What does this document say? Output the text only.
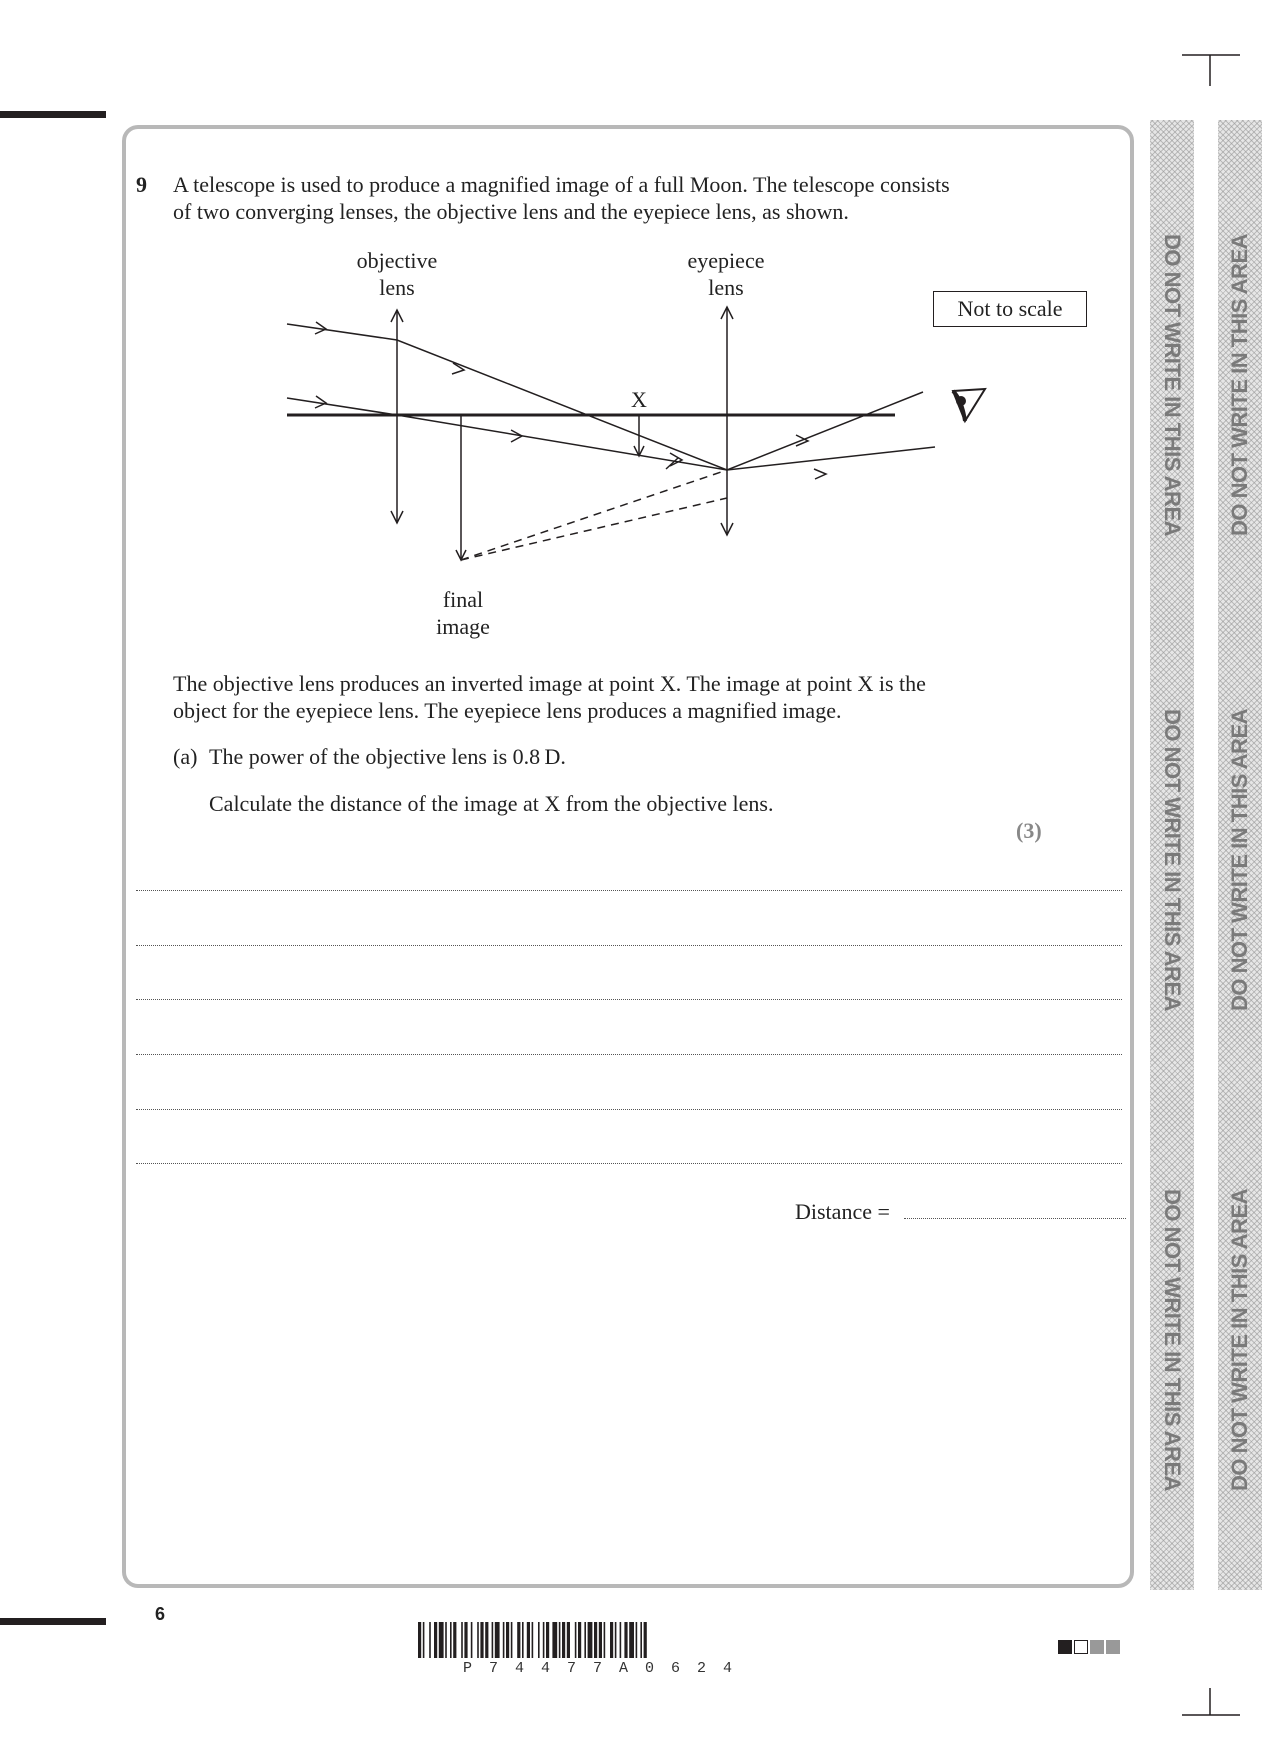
DO NOT WRITE IN THIS AREA
DO NOT WRITE IN THIS AREA
DO NOT WRITE IN THIS AREA
DO NOT WRITE IN THIS AREA
DO NOT WRITE IN THIS AREA
DO NOT WRITE IN THIS AREA
9 A telescope is used to produce a magnified image of a full Moon. The telescope consists
of two converging lenses, the objective lens and the eyepiece lens, as shown.
objective
lens
eyepiece
lens
Not to scale
X
final
image
The objective lens produces an inverted image at point X. The image at point X is the
object for the eyepiece lens. The eyepiece lens produces a magnified image.
(a) The power of the objective lens is 0.8 D.
Calculate the distance of the image at X from the objective lens.
(3)
Distance =
6
P74477A0624
